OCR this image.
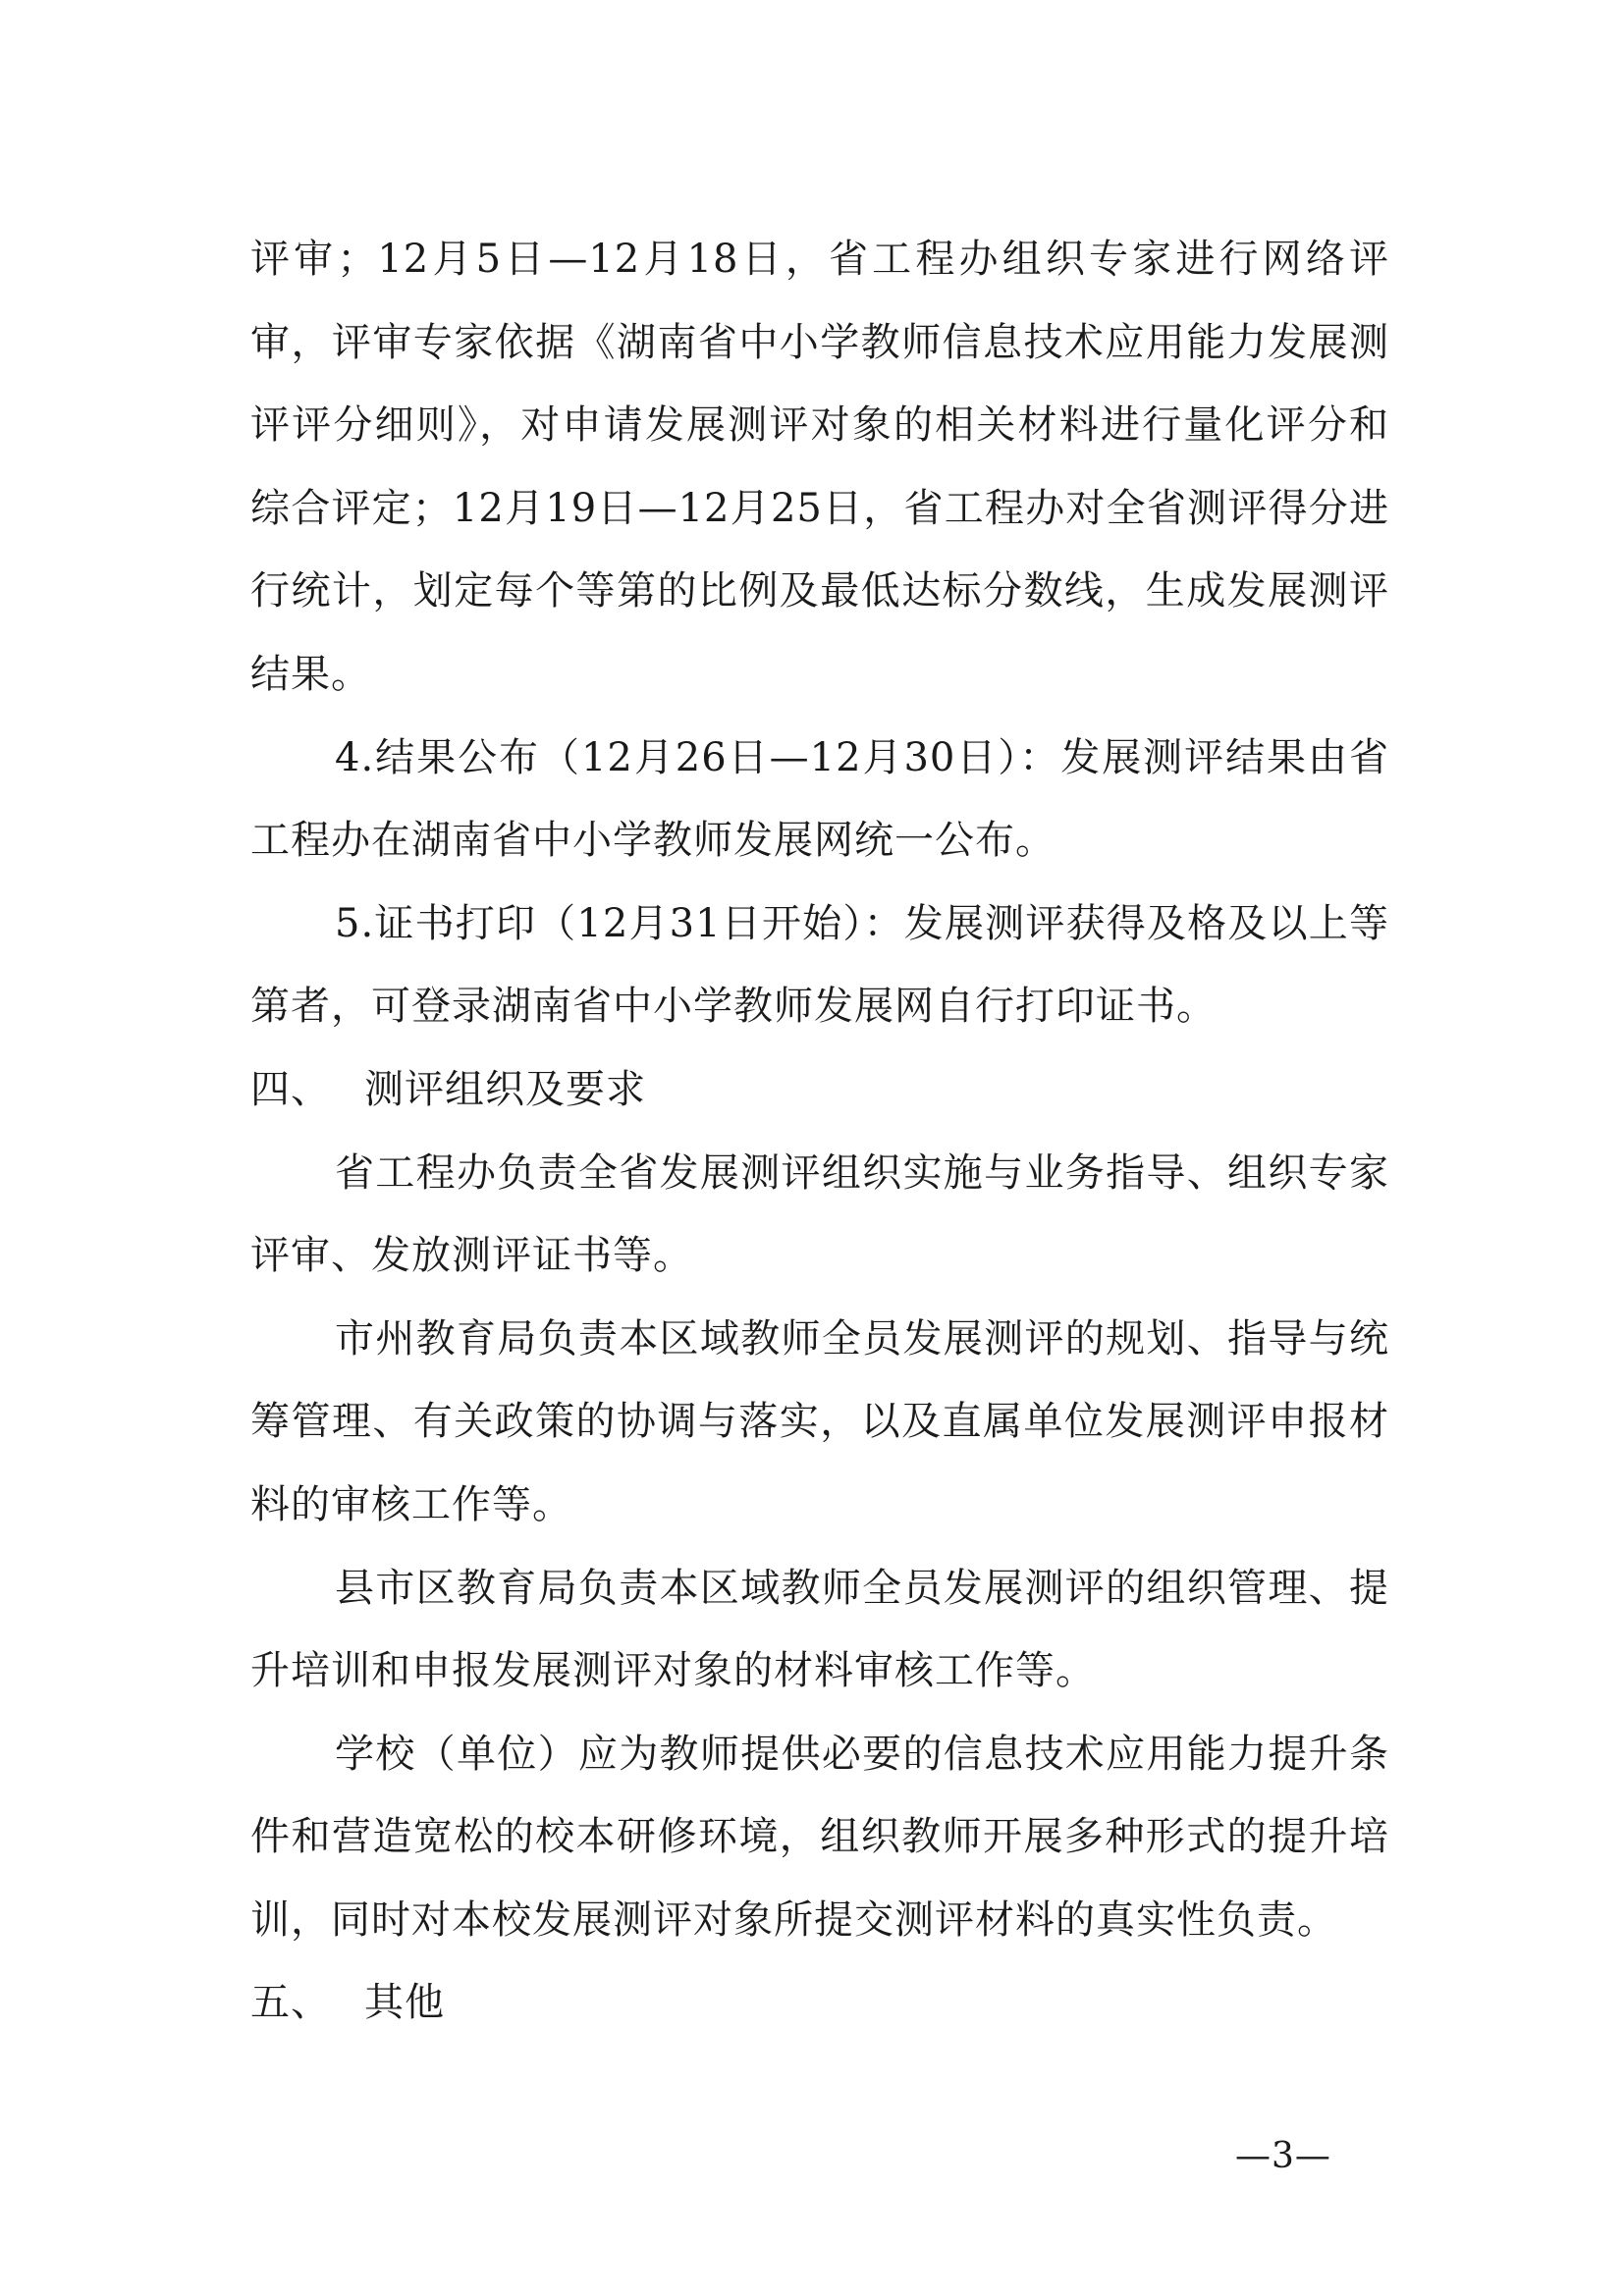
评审；12月5日—12月18日，省工程办组织专家进行网络评审，评审专家依据《湖南省中小学教师信息技术应用能力发展测评评分细则》，对申请发展测评对象的相关材料进行量化评分和综合评定；12月19日—12月25日，省工程办对全省测评得分进行统计，划定每个等第的比例及最低达标分数线，生成发展测评结果。

4.结果公布（12月26日—12月30日）：发展测评结果由省工程办在湖南省中小学教师发展网统一公布。

5.证书打印（12月31日开始）：发展测评获得及格及以上等第者，可登录湖南省中小学教师发展网自行打印证书。

四、 测评组织及要求

省工程办负责全省发展测评组织实施与业务指导、组织专家评审、发放测评证书等。

市州教育局负责本区域教师全员发展测评的规划、指导与统筹管理、有关政策的协调与落实，以及直属单位发展测评申报材料的审核工作等。

县市区教育局负责本区域教师全员发展测评的组织管理、提升培训和申报发展测评对象的材料审核工作等。

学校（单位）应为教师提供必要的信息技术应用能力提升条件和营造宽松的校本研修环境，组织教师开展多种形式的提升培训，同时对本校发展测评对象所提交测评材料的真实性负责。

五、 其他
—3—
